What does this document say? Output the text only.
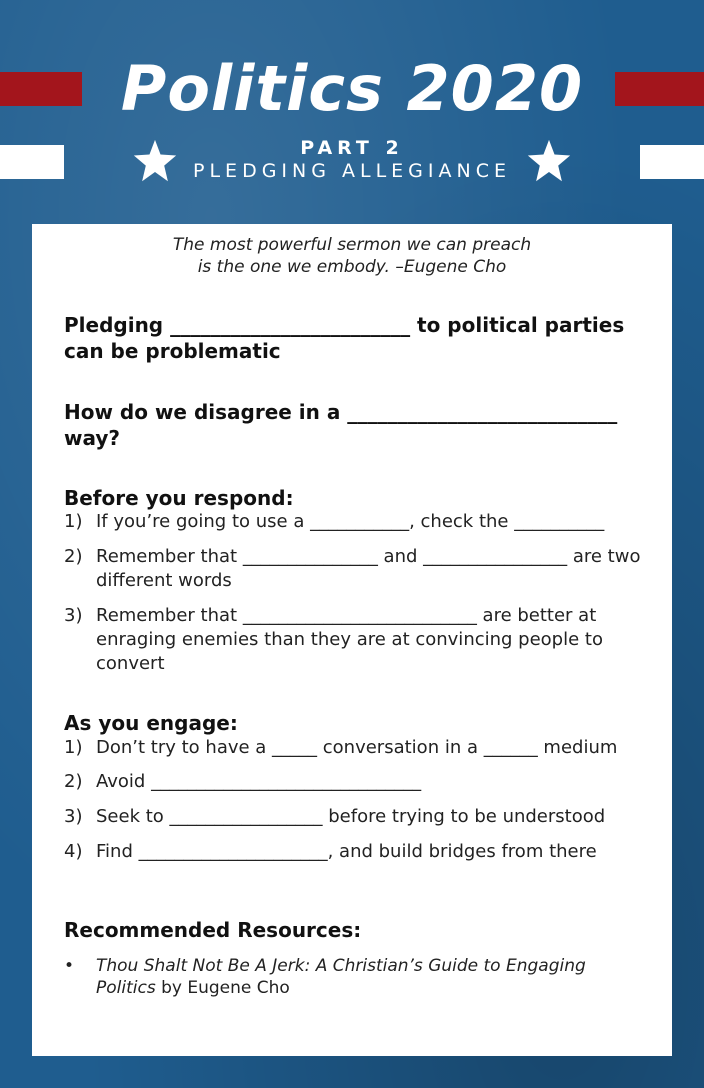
Politics 2020
PART 2
PLEDGING ALLEGIANCE
The most powerful sermon we can preach
is the one we embody. –Eugene Cho
Pledging ________________________ to political parties
can be problematic
How do we disagree in a ___________________________
way?
Before you respond:
1) If you’re going to use a ___________, check the __________
2) Remember that _______________ and ________________ are two different words
3) Remember that __________________________ are better at enraging enemies than they are at convincing people to convert
As you engage:
1) Don’t try to have a _____ conversation in a ______ medium
2) Avoid ______________________________
3) Seek to _________________ before trying to be understood
4) Find _____________________, and build bridges from there
Recommended Resources:
• Thou Shalt Not Be A Jerk: A Christian’s Guide to Engaging Politics by Eugene Cho
